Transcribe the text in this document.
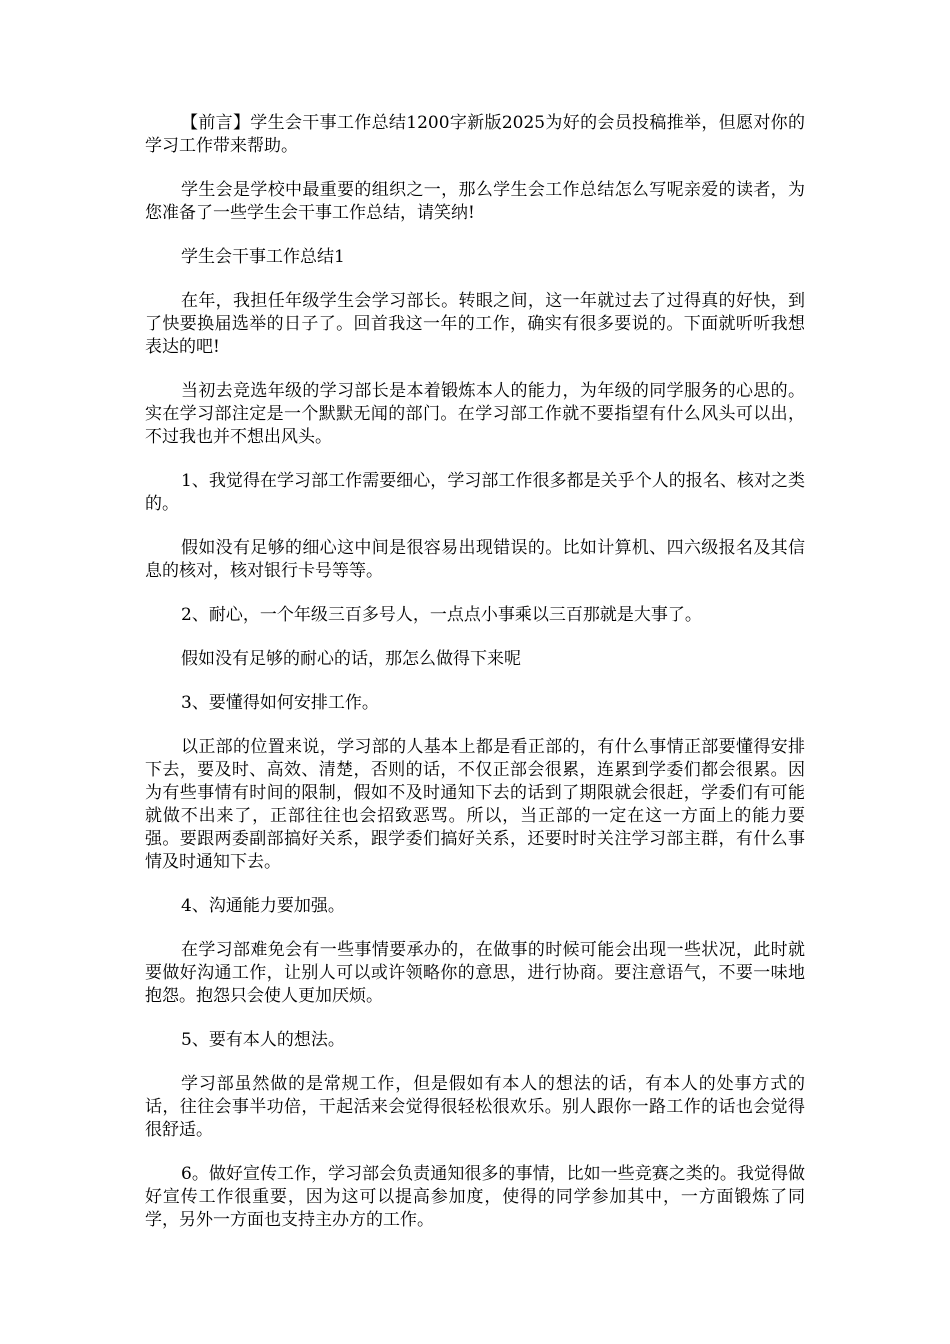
【前言】学生会干事工作总结1200字新版2025为好的会员投稿推举，但愿对你的学习工作带来帮助。

学生会是学校中最重要的组织之一，那么学生会工作总结怎么写呢亲爱的读者，为您准备了一些学生会干事工作总结，请笑纳!

学生会干事工作总结1

在年，我担任年级学生会学习部长。转眼之间，这一年就过去了过得真的好快，到了快要换届选举的日子了。回首我这一年的工作，确实有很多要说的。下面就听听我想表达的吧!

当初去竞选年级的学习部长是本着锻炼本人的能力，为年级的同学服务的心思的。实在学习部注定是一个默默无闻的部门。在学习部工作就不要指望有什么风头可以出，不过我也并不想出风头。

1、我觉得在学习部工作需要细心，学习部工作很多都是关乎个人的报名、核对之类的。

假如没有足够的细心这中间是很容易出现错误的。比如计算机、四六级报名及其信息的核对，核对银行卡号等等。

2、耐心，一个年级三百多号人，一点点小事乘以三百那就是大事了。

假如没有足够的耐心的话，那怎么做得下来呢

3、要懂得如何安排工作。

以正部的位置来说，学习部的人基本上都是看正部的，有什么事情正部要懂得安排下去，要及时、高效、清楚，否则的话，不仅正部会很累，连累到学委们都会很累。因为有些事情有时间的限制，假如不及时通知下去的话到了期限就会很赶，学委们有可能就做不出来了，正部往往也会招致恶骂。所以，当正部的一定在这一方面上的能力要强。要跟两委副部搞好关系，跟学委们搞好关系，还要时时关注学习部主群，有什么事情及时通知下去。

4、沟通能力要加强。

在学习部难免会有一些事情要承办的，在做事的时候可能会出现一些状况，此时就要做好沟通工作，让别人可以或许领略你的意思，进行协商。要注意语气，不要一味地抱怨。抱怨只会使人更加厌烦。

5、要有本人的想法。

学习部虽然做的是常规工作，但是假如有本人的想法的话，有本人的处事方式的话，往往会事半功倍，干起活来会觉得很轻松很欢乐。别人跟你一路工作的话也会觉得很舒适。

6。做好宣传工作，学习部会负责通知很多的事情，比如一些竞赛之类的。我觉得做好宣传工作很重要，因为这可以提高参加度，使得的同学参加其中，一方面锻炼了同学，另外一方面也支持主办方的工作。
